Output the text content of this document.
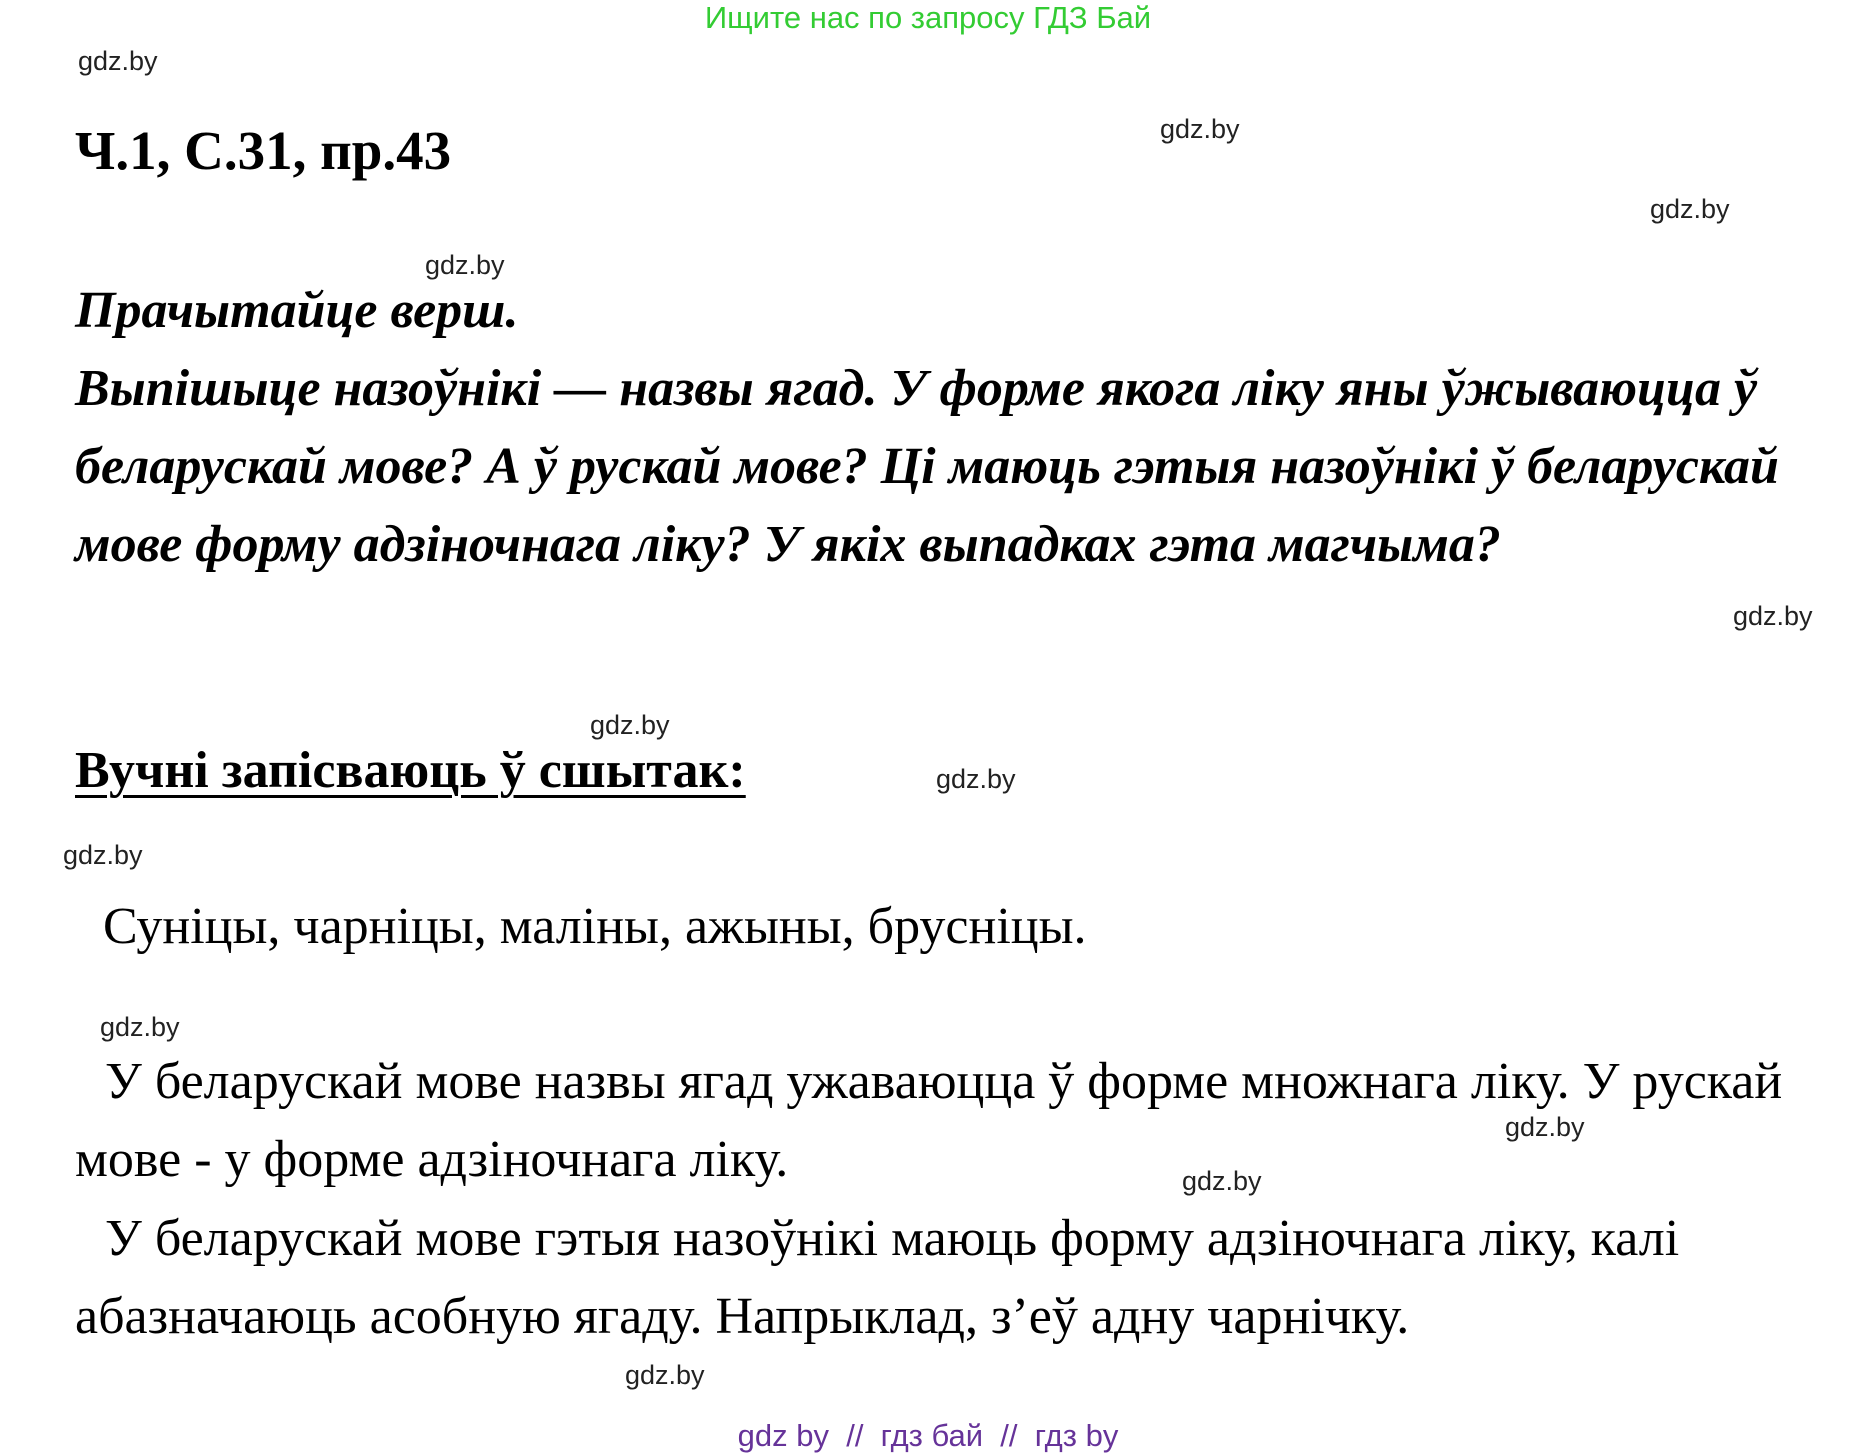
Ищите нас по запросу ГДЗ Бай
gdz.by
gdz.by
gdz.by
gdz.by
gdz.by
gdz.by
gdz.by
gdz.by
gdz.by
gdz.by
gdz.by
gdz.by
Ч.1, С.31, пр.43

Прачытайце верш.

Выпішыце назоўнікі — назвы ягад. У форме якога ліку яны ўжываюцца ў беларускай мове? А ў рускай мове? Ці маюць гэтыя назоўнікі ў беларускай мове форму адзіночнага ліку? У якіх выпадках гэта магчыма?

Вучні запісваюць ў сшытак:

Суніцы, чарніцы, маліны, ажыны, брусніцы.

У беларускай мове назвы ягад ужаваюцца ў форме множнага ліку. У рускай мове - у форме адзіночнага ліку.

У беларускай мове гэтыя назоўнікі маюць форму адзіночнага ліку, калі абазначаюць асобную ягаду. Напрыклад, з’еў адну чарнічку.

gdz by  //  гдз бай  //  гдз by
